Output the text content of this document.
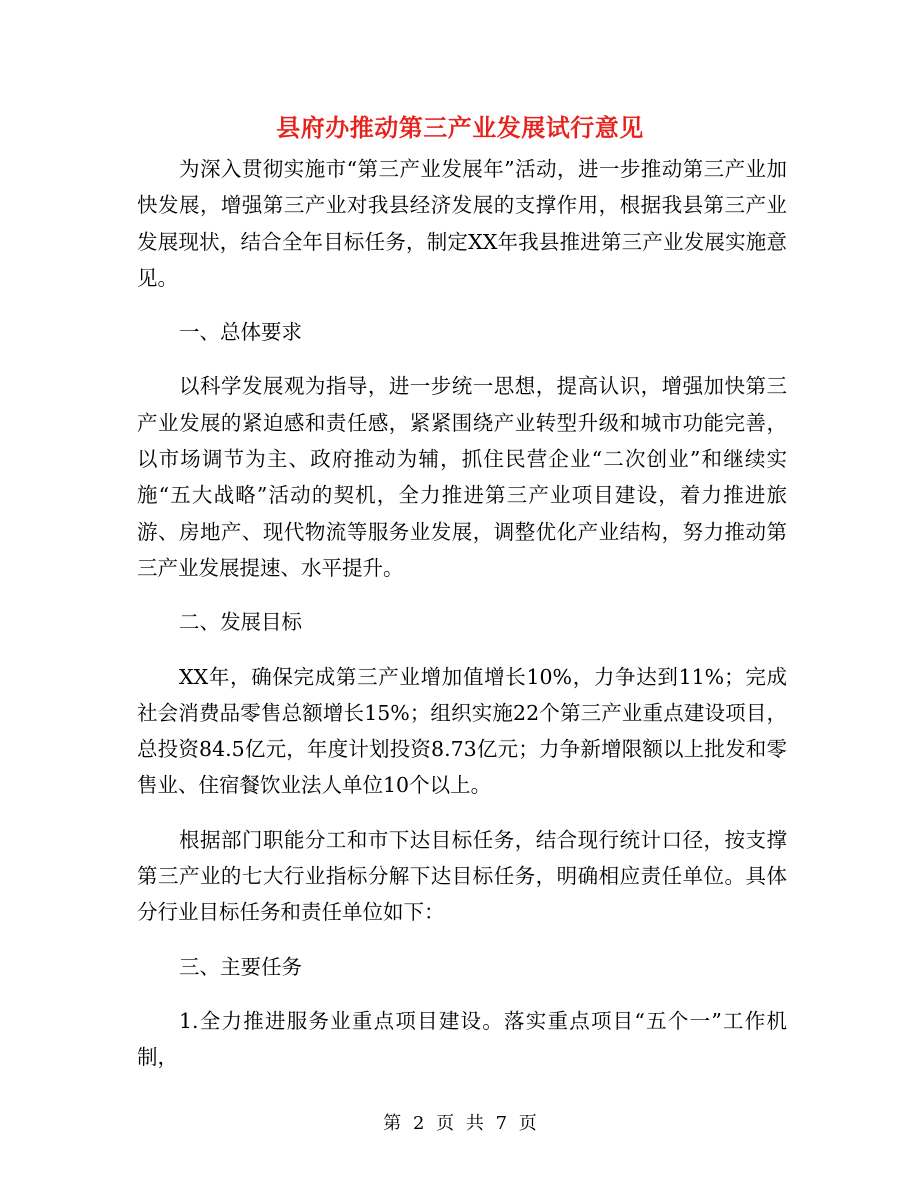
县府办推动第三产业发展试行意见

为深入贯彻实施市“第三产业发展年”活动，进一步推动第三产业加快发展，增强第三产业对我县经济发展的支撑作用，根据我县第三产业发展现状，结合全年目标任务，制定XX年我县推进第三产业发展实施意见。

一、总体要求

以科学发展观为指导，进一步统一思想，提高认识，增强加快第三产业发展的紧迫感和责任感，紧紧围绕产业转型升级和城市功能完善，以市场调节为主、政府推动为辅，抓住民营企业“二次创业”和继续实施“五大战略”活动的契机，全力推进第三产业项目建设，着力推进旅游、房地产、现代物流等服务业发展，调整优化产业结构，努力推动第三产业发展提速、水平提升。

二、发展目标

XX年，确保完成第三产业增加值增长10%，力争达到11%；完成社会消费品零售总额增长15%；组织实施22个第三产业重点建设项目，总投资84.5亿元，年度计划投资8.73亿元；力争新增限额以上批发和零售业、住宿餐饮业法人单位10个以上。

根据部门职能分工和市下达目标任务，结合现行统计口径，按支撑第三产业的七大行业指标分解下达目标任务，明确相应责任单位。具体分行业目标任务和责任单位如下：

三、主要任务

1.全力推进服务业重点项目建设。落实重点项目“五个一”工作机制，

第 2 页 共 7 页
